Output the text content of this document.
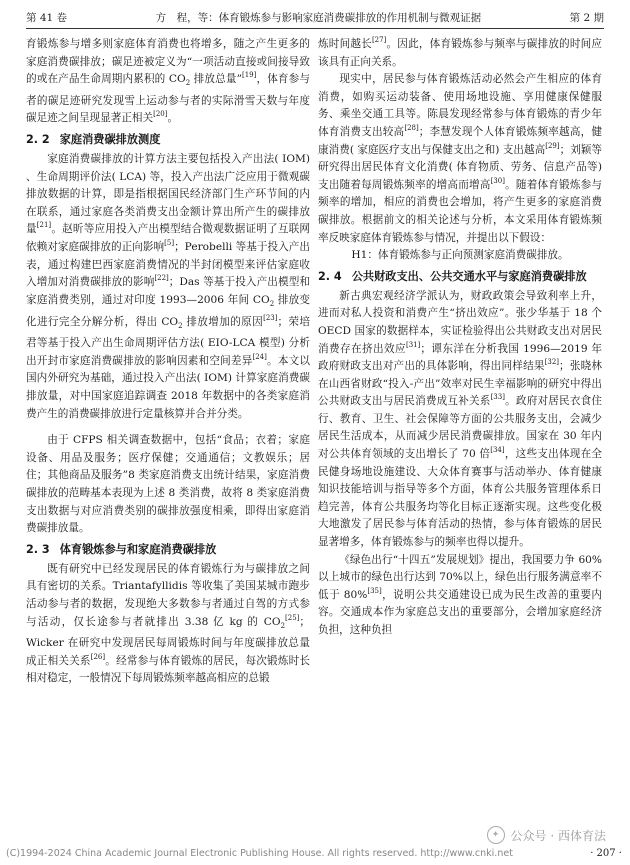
第 41 卷	方　程，等：体育锻炼参与影响家庭消费碳排放的作用机制与微观证据	第 2 期

育锻炼参与增多则家庭体育消费也将增多，随之产生更多的家庭消费碳排放；碳足迹被定义为“一项活动直接或间接导致的或在产品生命周期内累积的 $CO_2$ 排放总量”[19]，体育参与者的碳足迹研究发现雪上运动参与者的实际滑雪天数与年度碳足迹之间呈现显著正相关[20]。

2. 2 家庭消费碳排放测度

家庭消费碳排放的计算方法主要包括投入产出法( IOM) 、生命周期评价法( LCA) 等，投入产出法广泛应用于微观碳排放数据的计算，即是指根据国民经济部门生产环节间的内在联系，通过家庭各类消费支出金额计算出所产生的碳排放量[21]。赵昕等应用投入产出模型结合微观数据证明了互联网依赖对家庭碳排放的正向影响[5]；Perobelli 等基于投入产出表，通过构建巴西家庭消费情况的半封闭模型来评估家庭收入增加对消费碳排放的影响[22]；Das 等基于投入产出模型和家庭消费类别，通过对印度 1993—2006 年间 $CO_2$ 排放变化进行完全分解分析，得出 $CO_2$ 排放增加的原因[23]；荣培君等基于投入产出生命周期评估方法( EIO-LCA 模型) 分析出开封市家庭消费碳排放的影响因素和空间差异[24]。本文以国内外研究为基础，通过投入产出法( IOM) 计算家庭消费碳排放量，对中国家庭追踪调查 2018 年数据中的各类家庭消费产生的消费碳排放进行定量核算并合并分类。

由于 CFPS 相关调查数据中，包括“食品；衣着；家庭设备、用品及服务；医疗保健；交通通信；文教娱乐；居住；其他商品及服务”8 类家庭消费支出统计结果，家庭消费碳排放的范畴基本表现为上述 8 类消费，故将 8 类家庭消费支出数据与对应消费类别的碳排放强度相乘，即得出家庭消费碳排放量。

2. 3 体育锻炼参与和家庭消费碳排放

既有研究中已经发现居民的体育锻炼行为与碳排放之间具有密切的关系。Triantafyllidis 等收集了美国某城市跑步活动参与者的数据，发现绝大多数参与者通过自驾的方式参与活动，仅长途参与者就排出 3.38 亿 kg 的 $CO_2[25]$；Wicker 在研究中发现居民每周锻炼时间与年度碳排放总量成正相关关系[26]。经常参与体育锻炼的居民，每次锻炼时长相对稳定，一般情况下每周锻炼频率越高相应的总锻

炼时间越长[27]。因此，体育锻炼参与频率与碳排放的时间应该具有正向关系。

现实中，居民参与体育锻炼活动必然会产生相应的体育消费，如购买运动装备、使用场地设施、享用健康保健服务、乘坐交通工具等。陈晨发现经常参与体育锻炼的青少年体育消费支出较高[28]；李慧发现个人体育锻炼频率越高，健康消费( 家庭医疗支出与保健支出之和) 支出越高[29]；刘颖等研究得出居民体育文化消费( 体育物质、劳务、信息产品等) 支出随着每周锻炼频率的增高而增高[30]。随着体育锻炼参与频率的增加，相应的消费也会增加，将产生更多的家庭消费碳排放。根据前文的相关论述与分析，本文采用体育锻炼频率反映家庭体育锻炼参与情况，并提出以下假设：

H1：体育锻炼参与正向预测家庭消费碳排放。

2. 4 公共财政支出、公共交通水平与家庭消费碳排放

新古典宏观经济学派认为，财政政策会导致利率上升，进而对私人投资和消费产生“挤出效应”。张少华基于 18 个 OECD 国家的数据样本，实证检验得出公共财政支出对居民消费存在挤出效应[31]；谭东洋在分析我国 1996—2019 年政府财政支出对产出的具体影响，得出同样结果[32]；张晓林在山西省财政“投入-产出”效率对民生幸福影响的研究中得出公共财政支出与居民消费成互补关系[33]。政府对居民衣食住行、教育、卫生、社会保障等方面的公共服务支出，会减少居民生活成本，从而减少居民消费碳排放。国家在 30 年内对公共体育领域的支出增长了 70 倍[34]，这些支出体现在全民健身场地设施建设、大众体育赛事与活动举办、体育健康知识技能培训与指导等多个方面，体育公共服务管理体系日趋完善，体育公共服务均等化目标正逐渐实现。这些变化极大地激发了居民参与体育活动的热情，参与体育锻炼的居民显著增多，体育锻炼参与的频率也得以提升。

《绿色出行“十四五”发展规划》提出，我国要力争 60%以上城市的绿色出行达到 70%以上，绿色出行服务满意率不低于 80%[35]，说明公共交通建设已成为民生改善的重要内容。交通成本作为家庭总支出的重要部分，会增加家庭经济负担，这种负担

✦ 公众号 · 西体育法
(C)1994-2024 China Academic Journal Electronic Publishing House. All rights reserved. http://www.cnki.net	· 207 ·
